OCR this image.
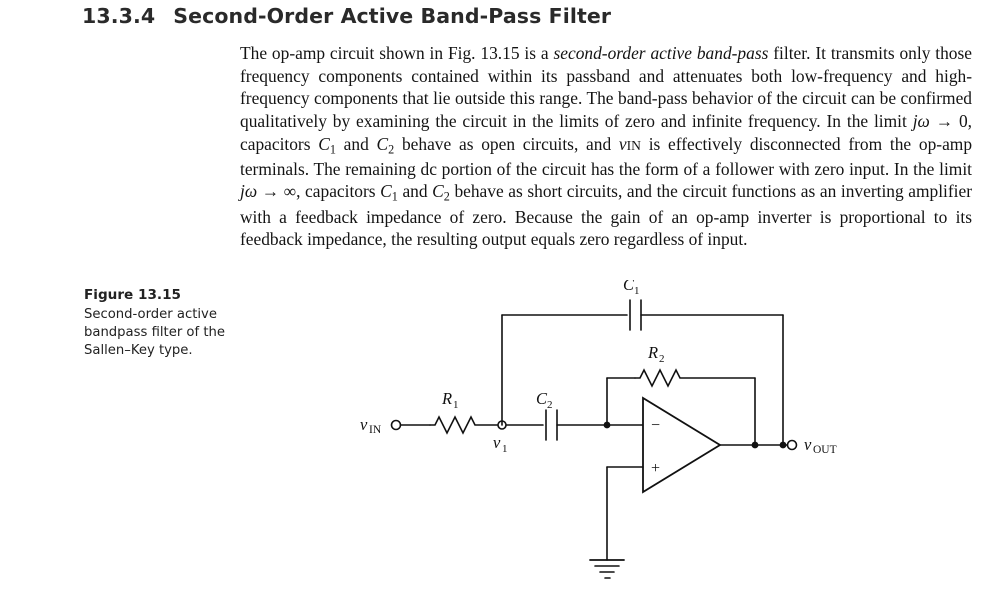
13.3.4 Second-Order Active Band-Pass Filter
The op-amp circuit shown in Fig. 13.15 is a second-order active band-pass filter. It transmits only those frequency components contained within its passband and attenuates both low-frequency and high-frequency components that lie outside this range. The band-pass behavior of the circuit can be confirmed qualitatively by examining the circuit in the limits of zero and infinite frequency. In the limit jω → 0, capacitors $C_1$ and $C_2$ behave as open circuits, and vIN is effectively disconnected from the op-amp terminals. The remaining dc portion of the circuit has the form of a follower with zero input. In the limit jω → ∞, capacitors $C_1$ and $C_2$ behave as short circuits, and the circuit functions as an inverting amplifier with a feedback impedance of zero. Because the gain of an op-amp inverter is proportional to its feedback impedance, the resulting output equals zero regardless of input.
Figure 13.15
Second-order active bandpass filter of the Sallen–Key type.
v IN
R 1
v 1
C 2
C 1
R 2
−
+
v OUT
